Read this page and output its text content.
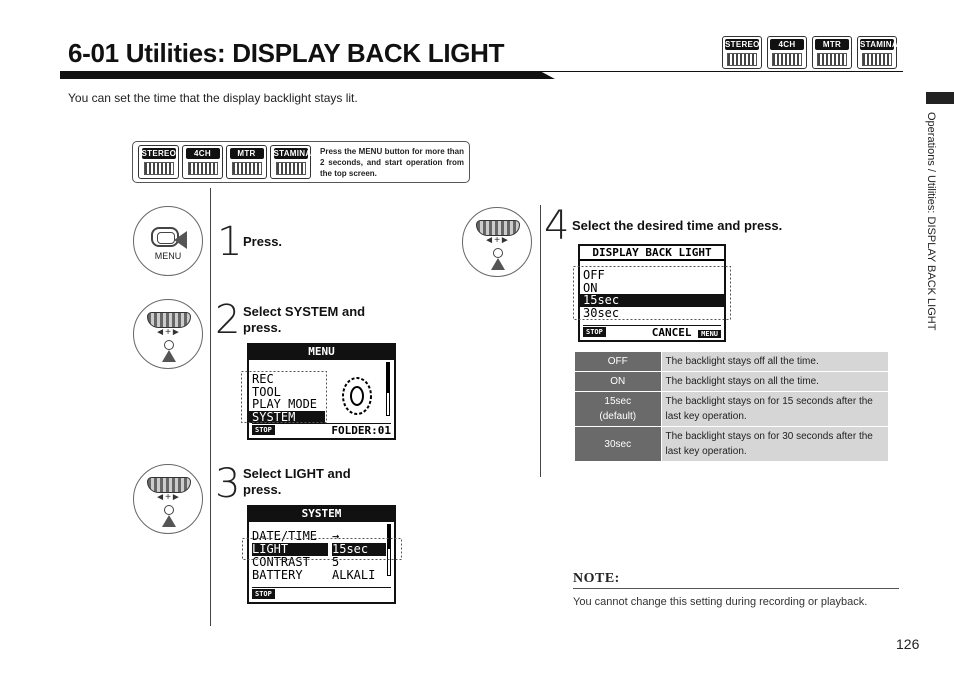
6-01 Utilities: DISPLAY BACK LIGHT	STEREO	4CH	MTR	STAMINA
You can set the time that the display backlight stays lit.
Operations / Utilities: DISPLAY BACK LIGHT
STEREO	4CH	MTR	STAMINA Press the MENU button for more than 2 seconds, and start operation from the top screen.
MENU 1 Press.
◄+► 2 Select SYSTEM and press.
MENU
REC
TOOL
PLAY MODE
SYSTEM
STOP	FOLDER:01
◄+► 3 Select LIGHT and press.
SYSTEM
DATE/TIME	→
LIGHT	15sec
CONTRAST	5
BATTERY	ALKALI
STOP
◄+► 4 Select the desired time and press.
DISPLAY BACK LIGHT
OFF
ON
15sec
30sec
STOP	CANCEL MENU
OFF	The backlight stays off all the time.
ON	The backlight stays on all the time.

15sec
(default)	The backlight stays on for 15 seconds after the last key operation.
30sec	The backlight stays on for 30 seconds after the last key operation.
NOTE:
You cannot change this setting during recording or playback.
126
